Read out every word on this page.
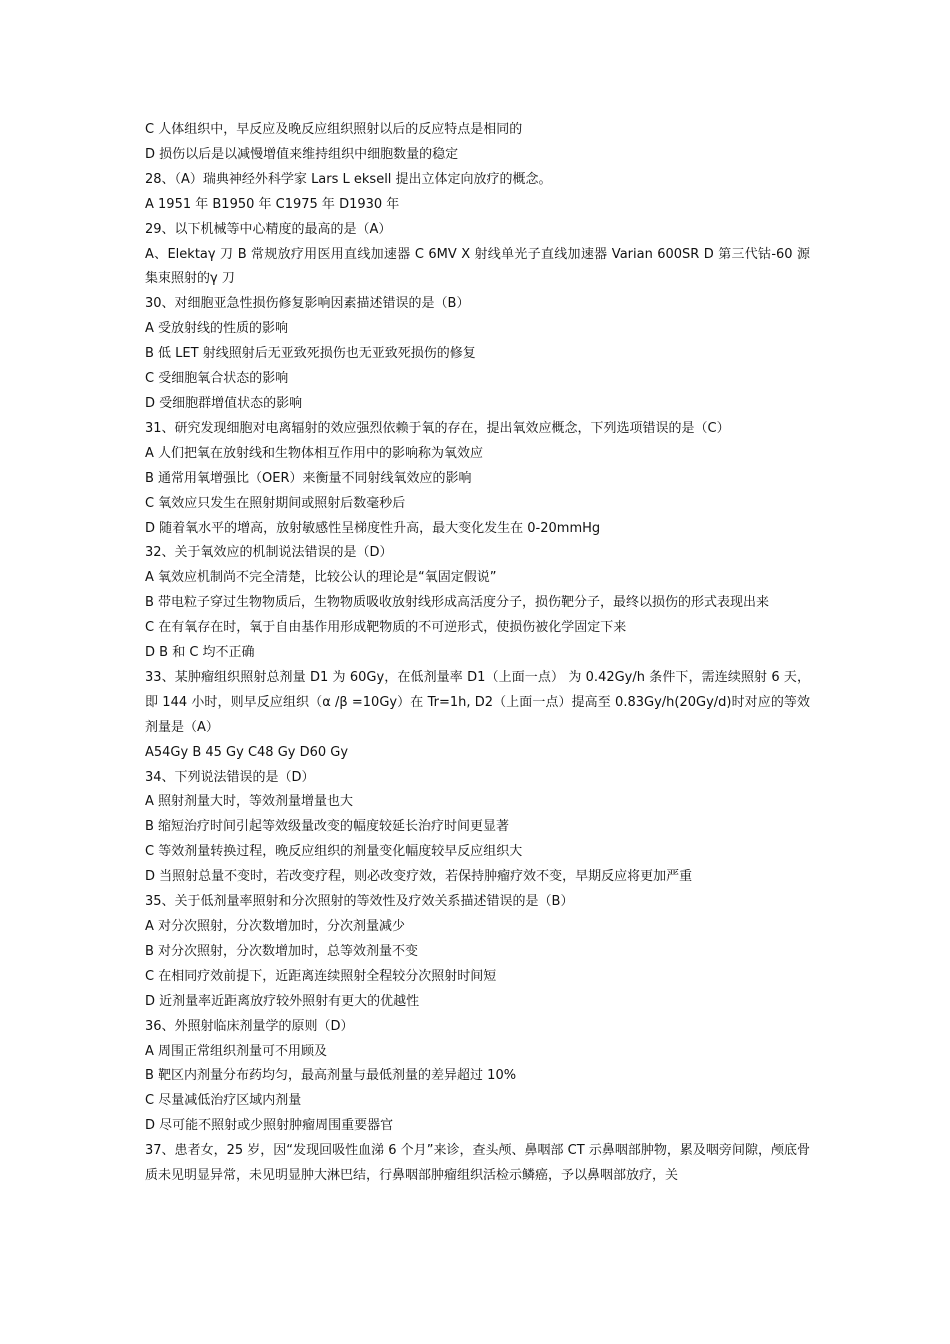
C 人体组织中，早反应及晚反应组织照射以后的反应特点是相同的

D 损伤以后是以减慢增值来维持组织中细胞数量的稳定

28、（A）瑞典神经外科学家 Lars L eksell 提出立体定向放疗的概念。

A 1951 年 B1950 年 C1975 年 D1930 年

29、以下机械等中心精度的最高的是（A）

A、Elektaγ 刀 B 常规放疗用医用直线加速器 C 6MV X 射线单光子直线加速器 Varian 600SR D 第三代钴-60 源集束照射的γ 刀

30、对细胞亚急性损伤修复影响因素描述错误的是（B）

A 受放射线的性质的影响

B 低 LET 射线照射后无亚致死损伤也无亚致死损伤的修复

C 受细胞氧合状态的影响

D 受细胞群增值状态的影响

31、研究发现细胞对电离辐射的效应强烈依赖于氧的存在，提出氧效应概念，下列选项错误的是（C）

A 人们把氧在放射线和生物体相互作用中的影响称为氧效应

B 通常用氧增强比（OER）来衡量不同射线氧效应的影响

C 氧效应只发生在照射期间或照射后数毫秒后

D 随着氧水平的增高，放射敏感性呈梯度性升高，最大变化发生在 0-20mmHg

32、关于氧效应的机制说法错误的是（D）

A 氧效应机制尚不完全清楚，比较公认的理论是“氧固定假说”

B 带电粒子穿过生物物质后，生物物质吸收放射线形成高活度分子，损伤靶分子，最终以损伤的形式表现出来

C 在有氧存在时，氧于自由基作用形成靶物质的不可逆形式，使损伤被化学固定下来

D B 和 C 均不正确

33、某肿瘤组织照射总剂量 D1 为 60Gy，在低剂量率 D1（上面一点） 为 0.42Gy/h 条件下，需连续照射 6 天，即 144 小时，则早反应组织（α /β =10Gy）在 Tr=1h, D2（上面一点）提高至 0.83Gy/h(20Gy/d)时对应的等效剂量是（A）

A54Gy B 45 Gy C48 Gy D60 Gy

34、下列说法错误的是（D）

A 照射剂量大时，等效剂量增量也大

B 缩短治疗时间引起等效级量改变的幅度较延长治疗时间更显著

C 等效剂量转换过程，晚反应组织的剂量变化幅度较早反应组织大

D 当照射总量不变时，若改变疗程，则必改变疗效，若保持肿瘤疗效不变，早期反应将更加严重

35、关于低剂量率照射和分次照射的等效性及疗效关系描述错误的是（B）

A 对分次照射，分次数增加时，分次剂量减少

B 对分次照射，分次数增加时，总等效剂量不变

C 在相同疗效前提下，近距离连续照射全程较分次照射时间短

D 近剂量率近距离放疗较外照射有更大的优越性

36、外照射临床剂量学的原则（D）

A 周围正常组织剂量可不用顾及

B 靶区内剂量分布药均匀，最高剂量与最低剂量的差异超过 10%

C 尽量减低治疗区域内剂量

D 尽可能不照射或少照射肿瘤周围重要器官

37、患者女，25 岁，因“发现回吸性血涕 6 个月”来诊，查头颅、鼻咽部 CT 示鼻咽部肿物，累及咽旁间隙，颅底骨质未见明显异常，未见明显肿大淋巴结，行鼻咽部肿瘤组织活检示鳞癌，予以鼻咽部放疗，关
